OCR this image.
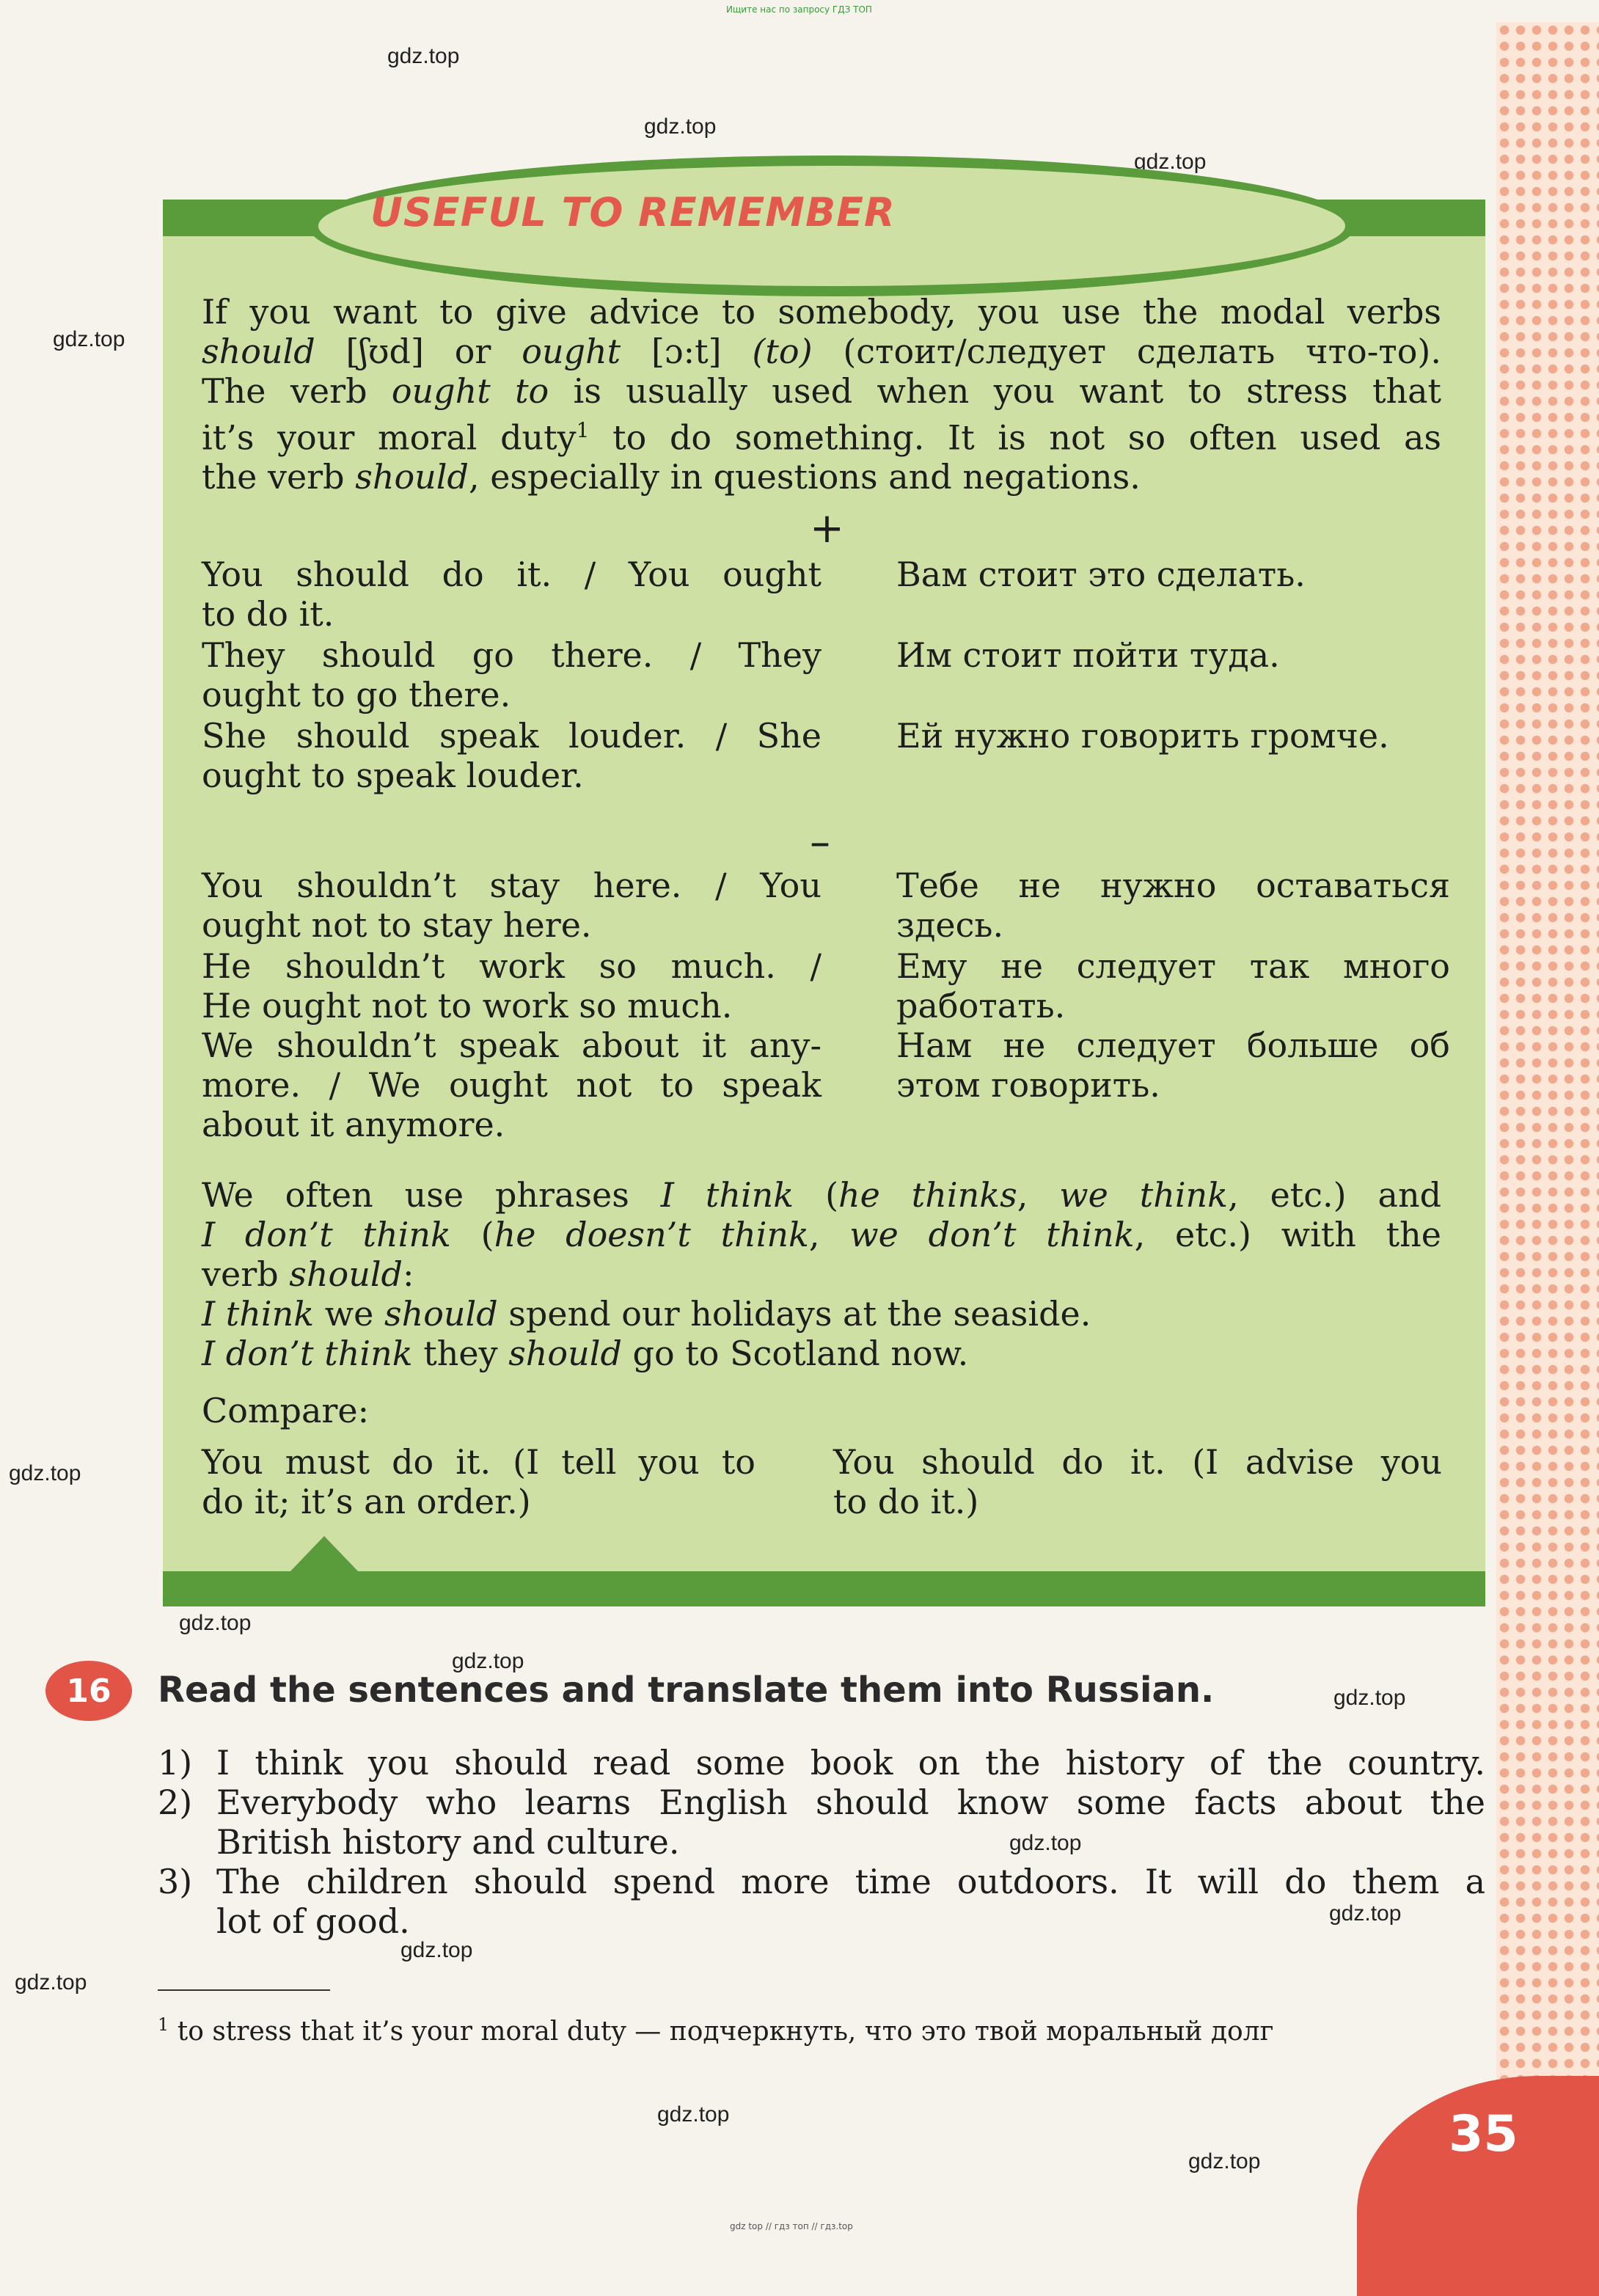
Ищите нас по запросу ГДЗ ТОП
gdz.top
gdz.top
gdz.top
gdz.top
gdz.top
gdz.top
gdz.top
gdz.top
gdz.top
gdz.top
gdz.top
gdz.top
gdz.top
gdz.top
USEFUL TO REMEMBER
If you want to give advice to somebody, you use the modal verbs
should [ʃʊd] or ought [ɔ:t] (to) (стоит/следует сделать что-то).
The verb ought to is usually used when you want to stress that
it’s your moral duty$^1$ to do something. It is not so often used as
the verb should, especially in questions and negations.
+
You should do it. / You ought
to do it.
Вам стоит это сделать.
They should go there. / They
ought to go there.
Им стоит пойти туда.
She should speak louder. / She
ought to speak louder.
Ей нужно говорить громче.
–
You shouldn’t stay here. / You
ought not to stay here.
Тебе не нужно оставаться
здесь.
He shouldn’t work so much. /
He ought not to work so much.
Ему не следует так много
работать.
We shouldn’t speak about it any-
more. / We ought not to speak
about it anymore.
Нам не следует больше об
этом говорить.
We often use phrases I think (he thinks, we think, etc.) and
I don’t think (he doesn’t think, we don’t think, etc.) with the
verb should:
I think we should spend our holidays at the seaside.
I don’t think they should go to Scotland now.
Compare:
You must do it. (I tell you to
do it; it’s an order.)
You should do it. (I advise you
to do it.)
16	Read the sentences and translate them into Russian.
1) I think you should read some book on the history of the country.
2) Everybody who learns English should know some facts about the
British history and culture.
3) The children should spend more time outdoors. It will do them a
lot of good.
$^1$ to stress that it’s your moral duty — подчеркнуть, что это твой моральный долг
35
gdz top // гдз топ // гдз.top
